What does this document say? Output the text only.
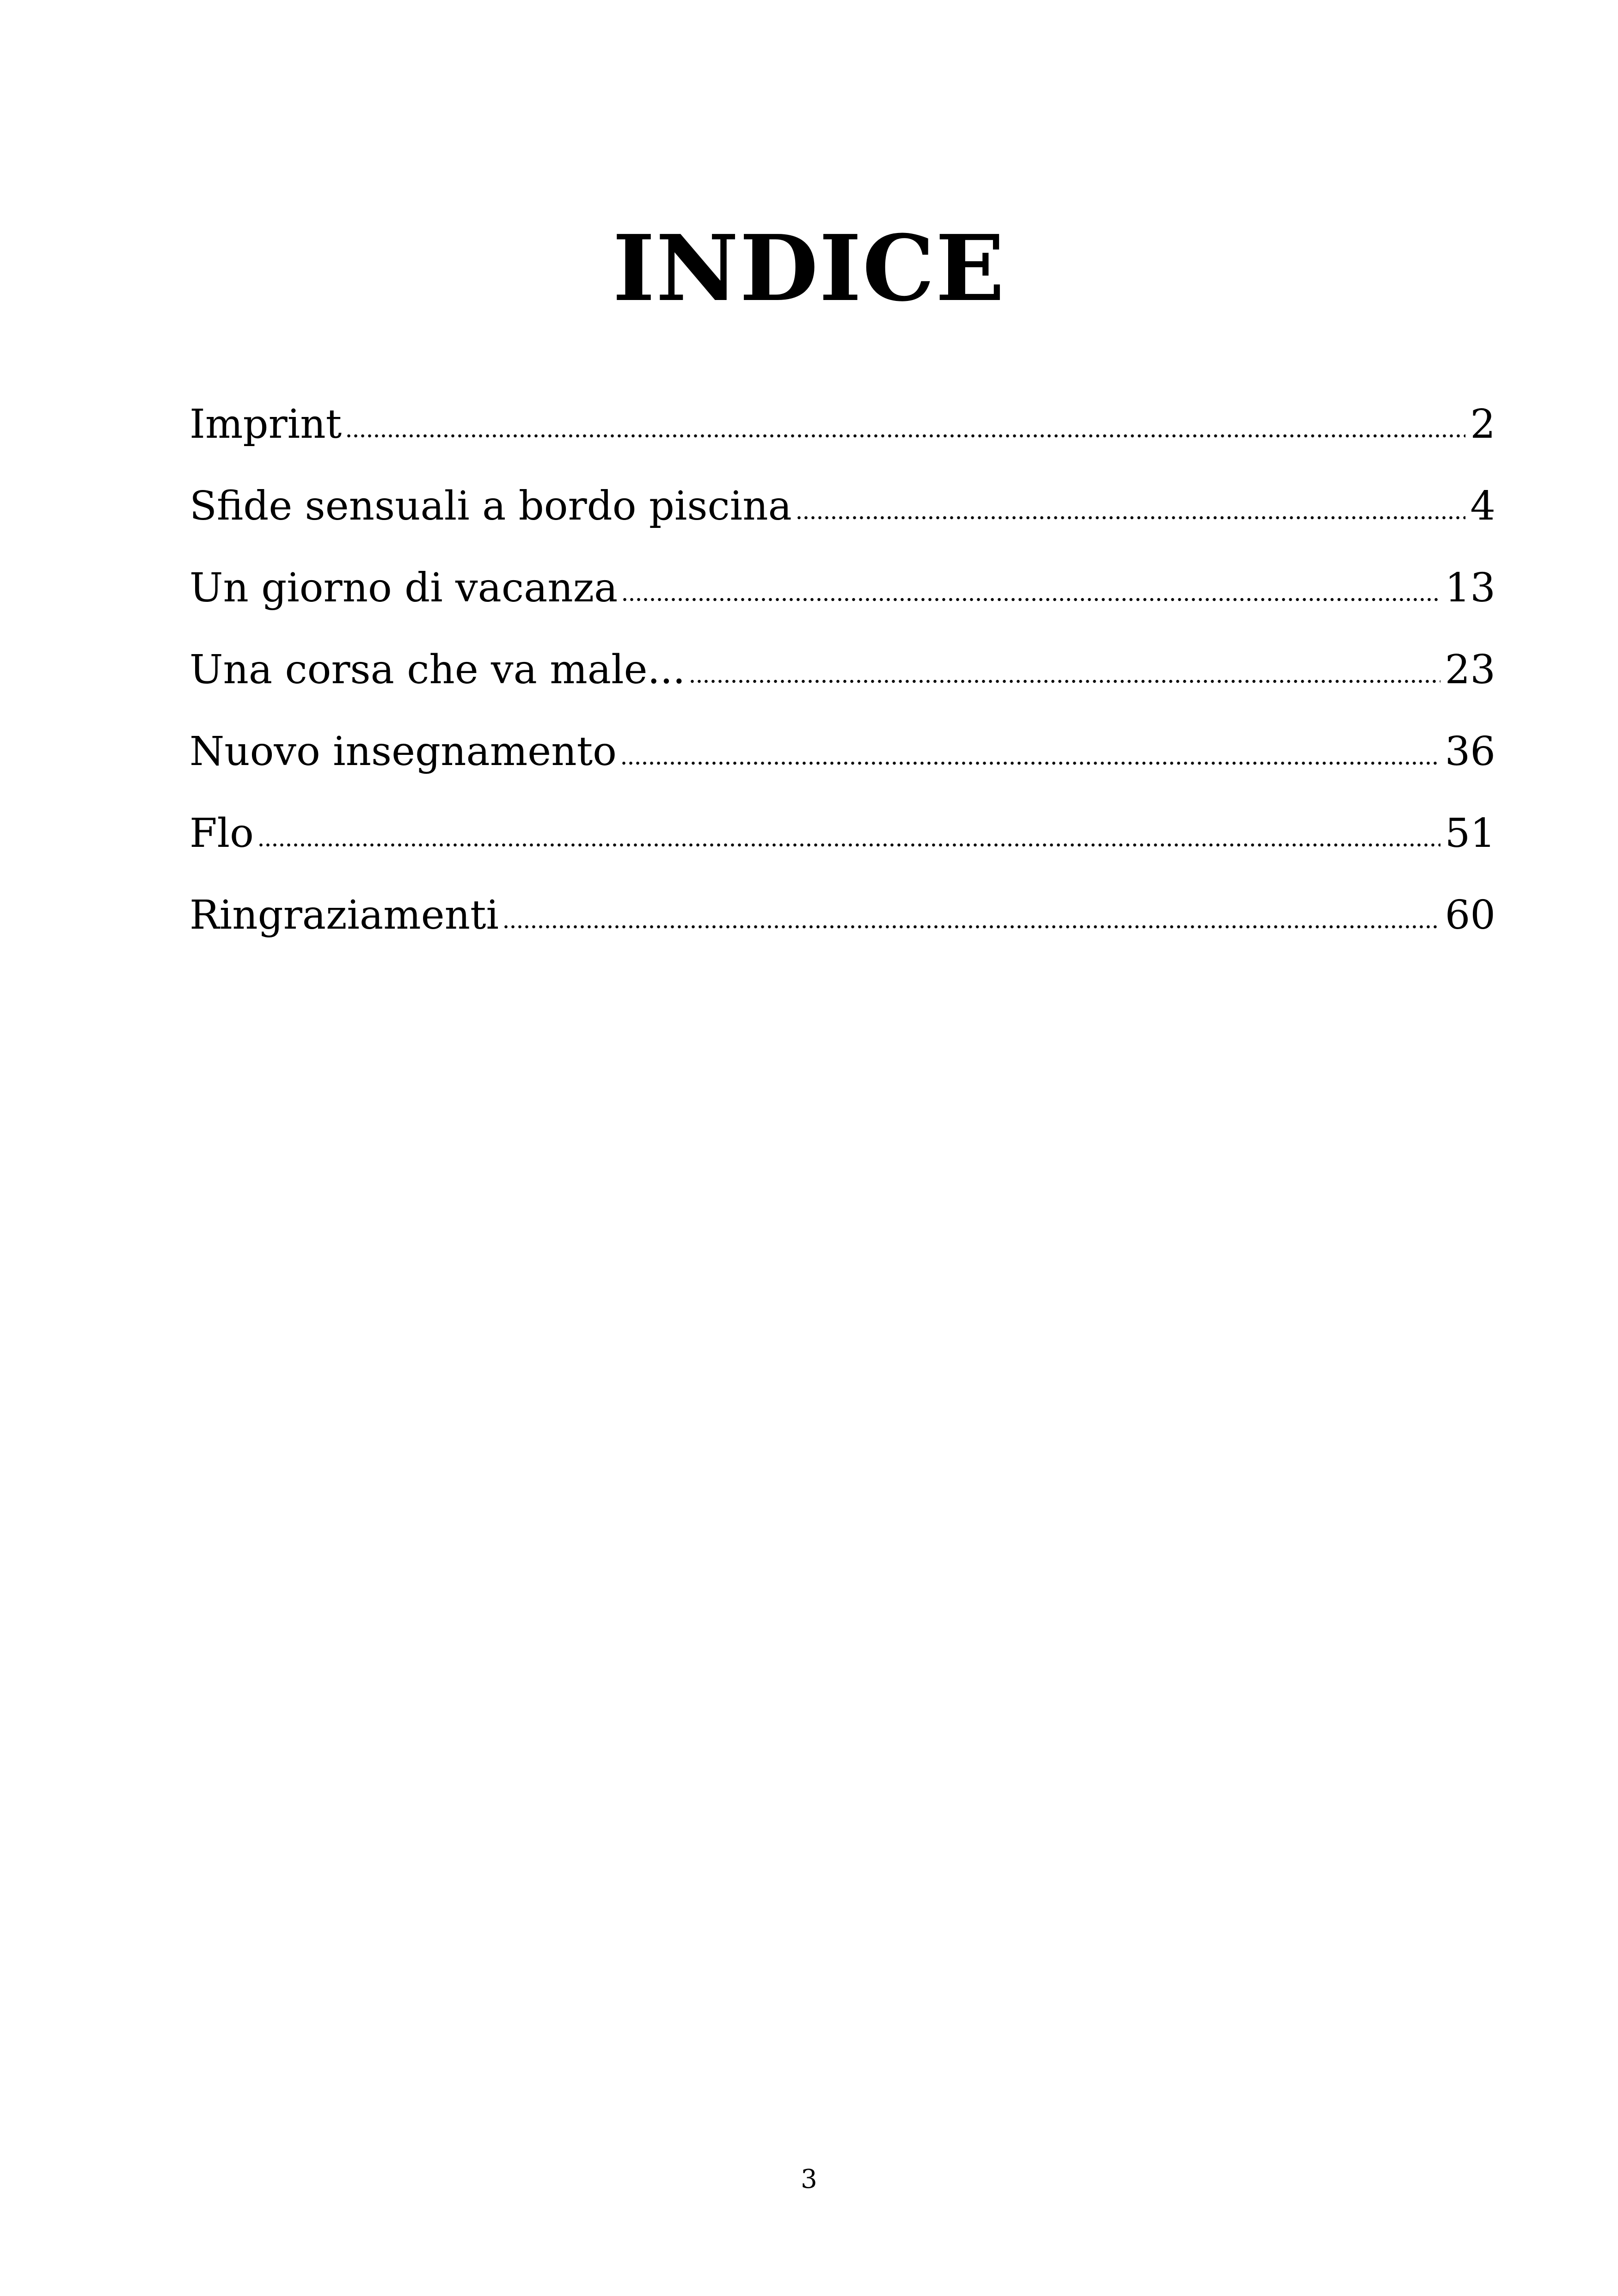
INDICE
Imprint	2
Sfide sensuali a bordo piscina	4
Un giorno di vacanza	13
Una corsa che va male...	23
Nuovo insegnamento	36
Flo	51
Ringraziamenti	60
3
